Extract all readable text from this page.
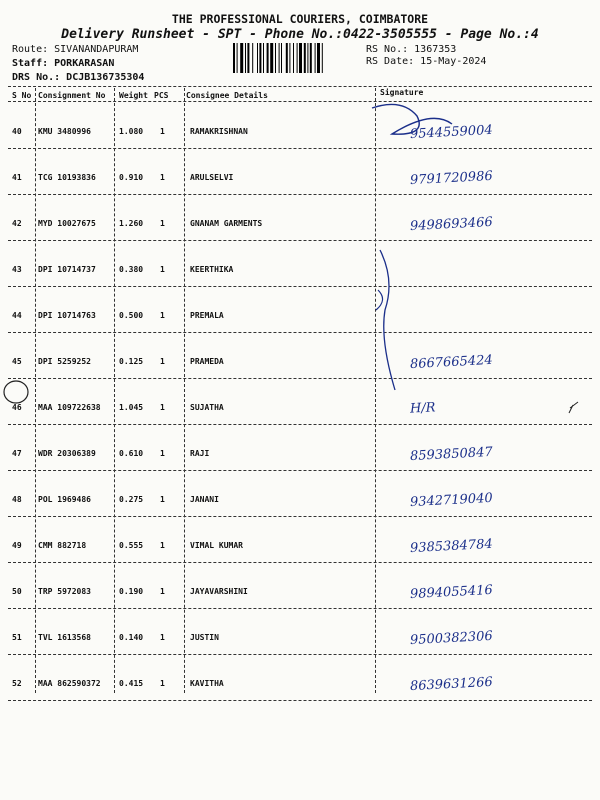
THE PROFESSIONAL COURIERS, COIMBATORE
Delivery Runsheet - SPT - Phone No.:0422-3505555 - Page No.:4
Route: SIVANANDAPURAM
Staff: PORKARASAN
DRS No.: DCJB136735304
RS No.: 1367353
RS Date: 15-May-2024
S No Consignment No Weight PCS Consignee Details	Signature
40 KMU 3480996	1.080 1	RAMAKRISHNAN	9544559004
41 TCG 10193836	0.910 1	ARULSELVI	9791720986
42 MYD 10027675	1.260 1	GNANAM GARMENTS	9498693466
43 DPI 10714737	0.380 1	KEERTHIKA
44 DPI 10714763	0.500 1	PREMALA
45 DPI 5259252	0.125 1	PRAMEDA	8667665424
46 MAA 109722638 1.045 1	SUJATHA	H/R
47 WDR 20306389	0.610 1	RAJI	8593850847
48 POL 1969486	0.275 1	JANANI	9342719040
49 CMM 882718	0.555 1	VIMAL KUMAR	9385384784
50 TRP 5972083	0.190 1	JAYAVARSHINI	9894055416
51 TVL 1613568	0.140 1	JUSTIN	9500382306
52 MAA 862590372 0.415 1	KAVITHA	8639631266
